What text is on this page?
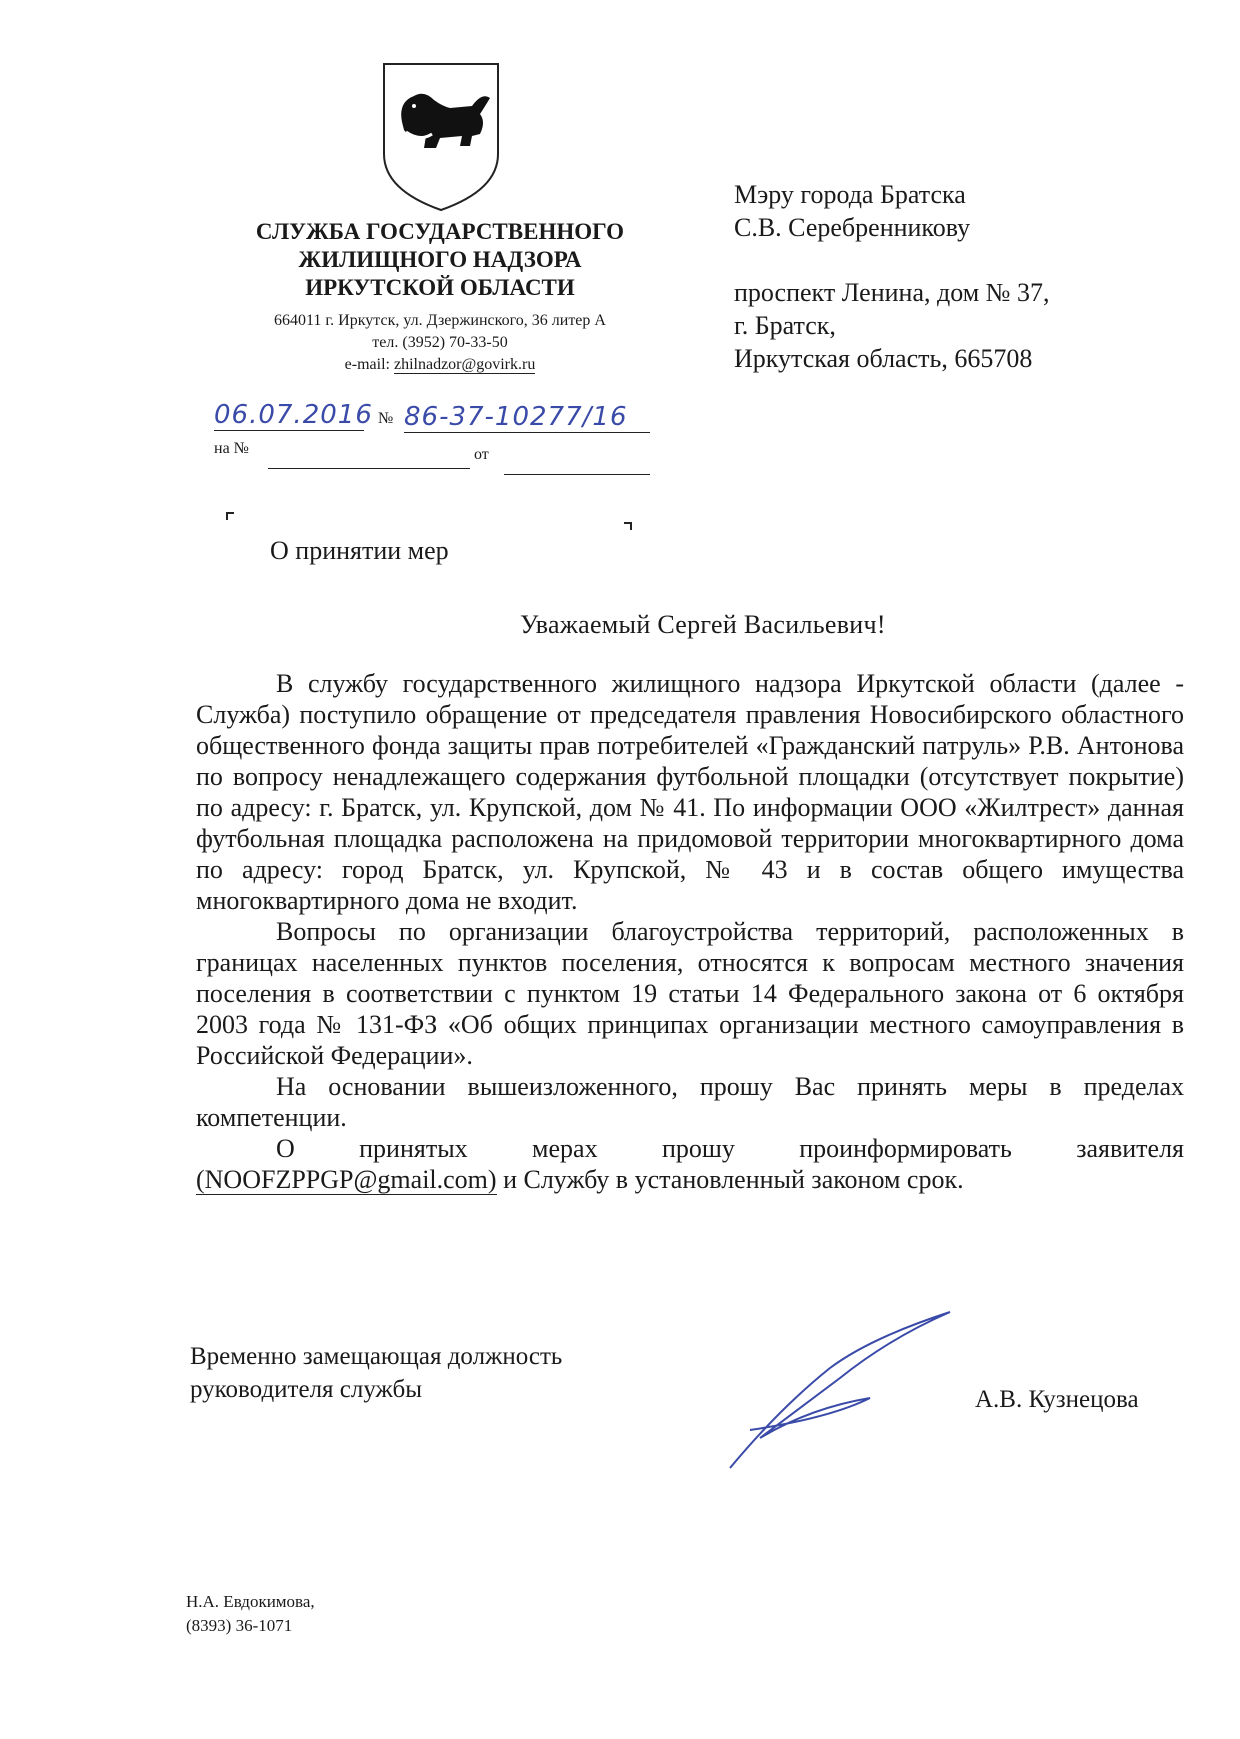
СЛУЖБА ГОСУДАРСТВЕННОГО
ЖИЛИЩНОГО НАДЗОРА
ИРКУТСКОЙ ОБЛАСТИ
664011 г. Иркутск, ул. Дзержинского, 36 литер А
тел. (3952) 70-33-50
e-mail: zhilnadzor@govirk.ru
06.07.2016 № 86-37-10277/16
на №	от
Мэру города Братска
С.В. Серебренникову
проспект Ленина, дом № 37,
г. Братск,
Иркутская область, 665708
О принятии мер
Уважаемый Сергей Васильевич!

В службу государственного жилищного надзора Иркутской области (далее - Служба) поступило обращение от председателя правления Новосибирского областного общественного фонда защиты прав потребителей «Гражданский патруль» Р.В. Антонова по вопросу ненадлежащего содержания футбольной площадки (отсутствует покрытие) по адресу: г. Братск, ул. Крупской, дом № 41. По информации ООО «Жилтрест» данная футбольная площадка расположена на придомовой территории многоквартирного дома по адресу: город Братск, ул. Крупской, № 43 и в состав общего имущества многоквартирного дома не входит.

Вопросы по организации благоустройства территорий, расположенных в границах населенных пунктов поселения, относятся к вопросам местного значения поселения в соответствии с пунктом 19 статьи 14 Федерального закона от 6 октября 2003 года № 131-ФЗ «Об общих принципах организации местного самоуправления в Российской Федерации».

На основании вышеизложенного, прошу Вас принять меры в пределах компетенции.

О принятых мерах прошу проинформировать заявителя (NOOFZPPGP@gmail.com) и Службу в установленный законом срок.

Временно замещающая должность
руководителя службы	А.В. Кузнецова
Н.А. Евдокимова,
(8393) 36-1071
